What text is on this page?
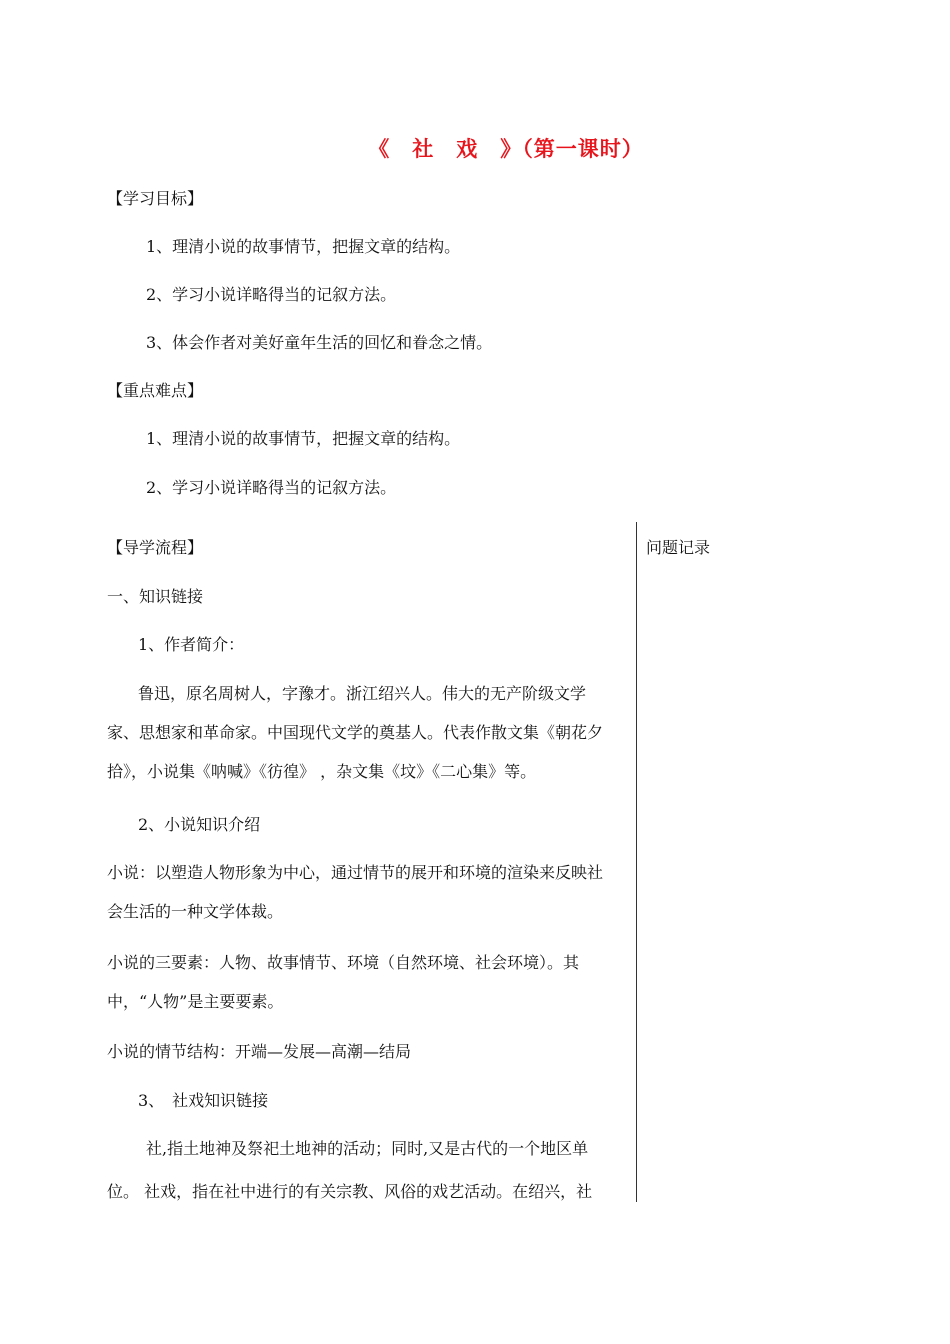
《　社　戏　》（第一课时）
【学习目标】
1、理清小说的故事情节，把握文章的结构。
2、学习小说详略得当的记叙方法。
3、体会作者对美好童年生活的回忆和眷念之情。
【重点难点】
1、理清小说的故事情节，把握文章的结构。
2、学习小说详略得当的记叙方法。
问题记录
【导学流程】
一、知识链接
1、作者简介：
鲁迅，原名周树人，字豫才。浙江绍兴人。伟大的无产阶级文学
家、思想家和革命家。中国现代文学的奠基人。代表作散文集《朝花夕
拾》，小说集《呐喊》《彷徨》 ，杂文集《坟》《二心集》等。
2、小说知识介绍
小说：以塑造人物形象为中心，通过情节的展开和环境的渲染来反映社
会生活的一种文学体裁。
小说的三要素：人物、故事情节、环境（自然环境、社会环境）。其
中，“人物”是主要要素。
小说的情节结构：开端—发展—高潮—结局
3、　社戏知识链接
社,指土地神及祭祀土地神的活动；同时,又是古代的一个地区单
位。 社戏，指在社中进行的有关宗教、风俗的戏艺活动。在绍兴，社
